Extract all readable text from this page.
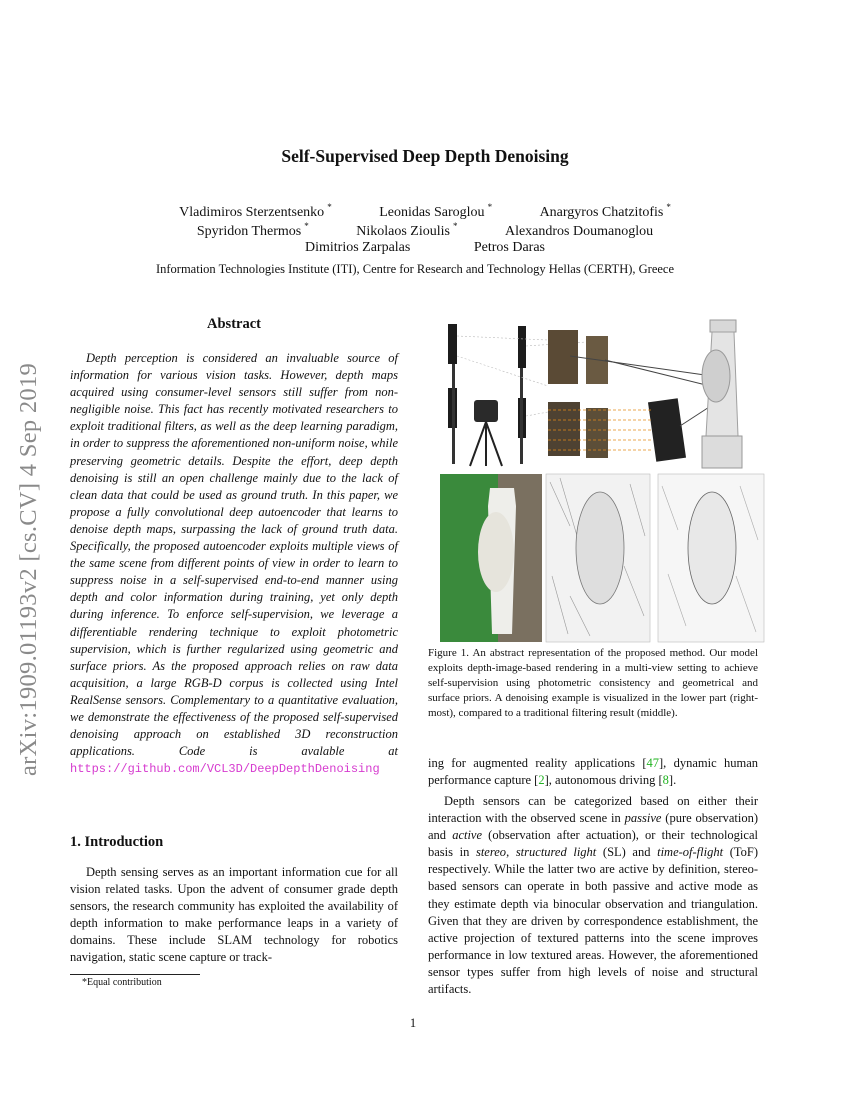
arXiv:1909.01193v2 [cs.CV] 4 Sep 2019
Self-Supervised Deep Depth Denoising
Vladimiros Sterzentsenko *	Leonidas Saroglou *	Anargyros Chatzitofis *
Spyridon Thermos *	Nikolaos Zioulis *	Alexandros Doumanoglou
Dimitrios Zarpalas	Petros Daras
Information Technologies Institute (ITI), Centre for Research and Technology Hellas (CERTH), Greece
Abstract
Depth perception is considered an invaluable source of information for various vision tasks. However, depth maps acquired using consumer-level sensors still suffer from non-negligible noise. This fact has recently motivated researchers to exploit traditional filters, as well as the deep learning paradigm, in order to suppress the aforementioned non-uniform noise, while preserving geometric details. Despite the effort, deep depth denoising is still an open challenge mainly due to the lack of clean data that could be used as ground truth. In this paper, we propose a fully convolutional deep autoencoder that learns to denoise depth maps, surpassing the lack of ground truth data. Specifically, the proposed autoencoder exploits multiple views of the same scene from different points of view in order to learn to suppress noise in a self-supervised end-to-end manner using depth and color information during training, yet only depth during inference. To enforce self-supervision, we leverage a differentiable rendering technique to exploit photometric supervision, which is further regularized using geometric and surface priors. As the proposed approach relies on raw data acquisition, a large RGB-D corpus is collected using Intel RealSense sensors. Complementary to a quantitative evaluation, we demonstrate the effectiveness of the proposed self-supervised denoising approach on established 3D reconstruction applications. Code is avalable at https://github.com/VCL3D/DeepDepthDenoising
1. Introduction
Depth sensing serves as an important information cue for all vision related tasks. Upon the advent of consumer grade depth sensors, the research community has exploited the availability of depth information to make performance leaps in a variety of domains. These include SLAM technology for robotics navigation, static scene capture or track-
*Equal contribution
Figure 1. An abstract representation of the proposed method. Our model exploits depth-image-based rendering in a multi-view setting to achieve self-supervision using photometric consistency and geometrical and surface priors. A denoising example is visualized in the lower part (right-most), compared to a traditional filtering result (middle).
ing for augmented reality applications [47], dynamic human performance capture [2], autonomous driving [8].
Depth sensors can be categorized based on either their interaction with the observed scene in passive (pure observation) and active (observation after actuation), or their technological basis in stereo, structured light (SL) and time-of-flight (ToF) respectively. While the latter two are active by definition, stereo-based sensors can operate in both passive and active mode as they estimate depth via binocular observation and triangulation. Given that they are driven by correspondence establishment, the active projection of textured patterns into the scene improves performance in low textured areas. However, the aforementioned sensor types suffer from high levels of noise and structural artifacts.
1
